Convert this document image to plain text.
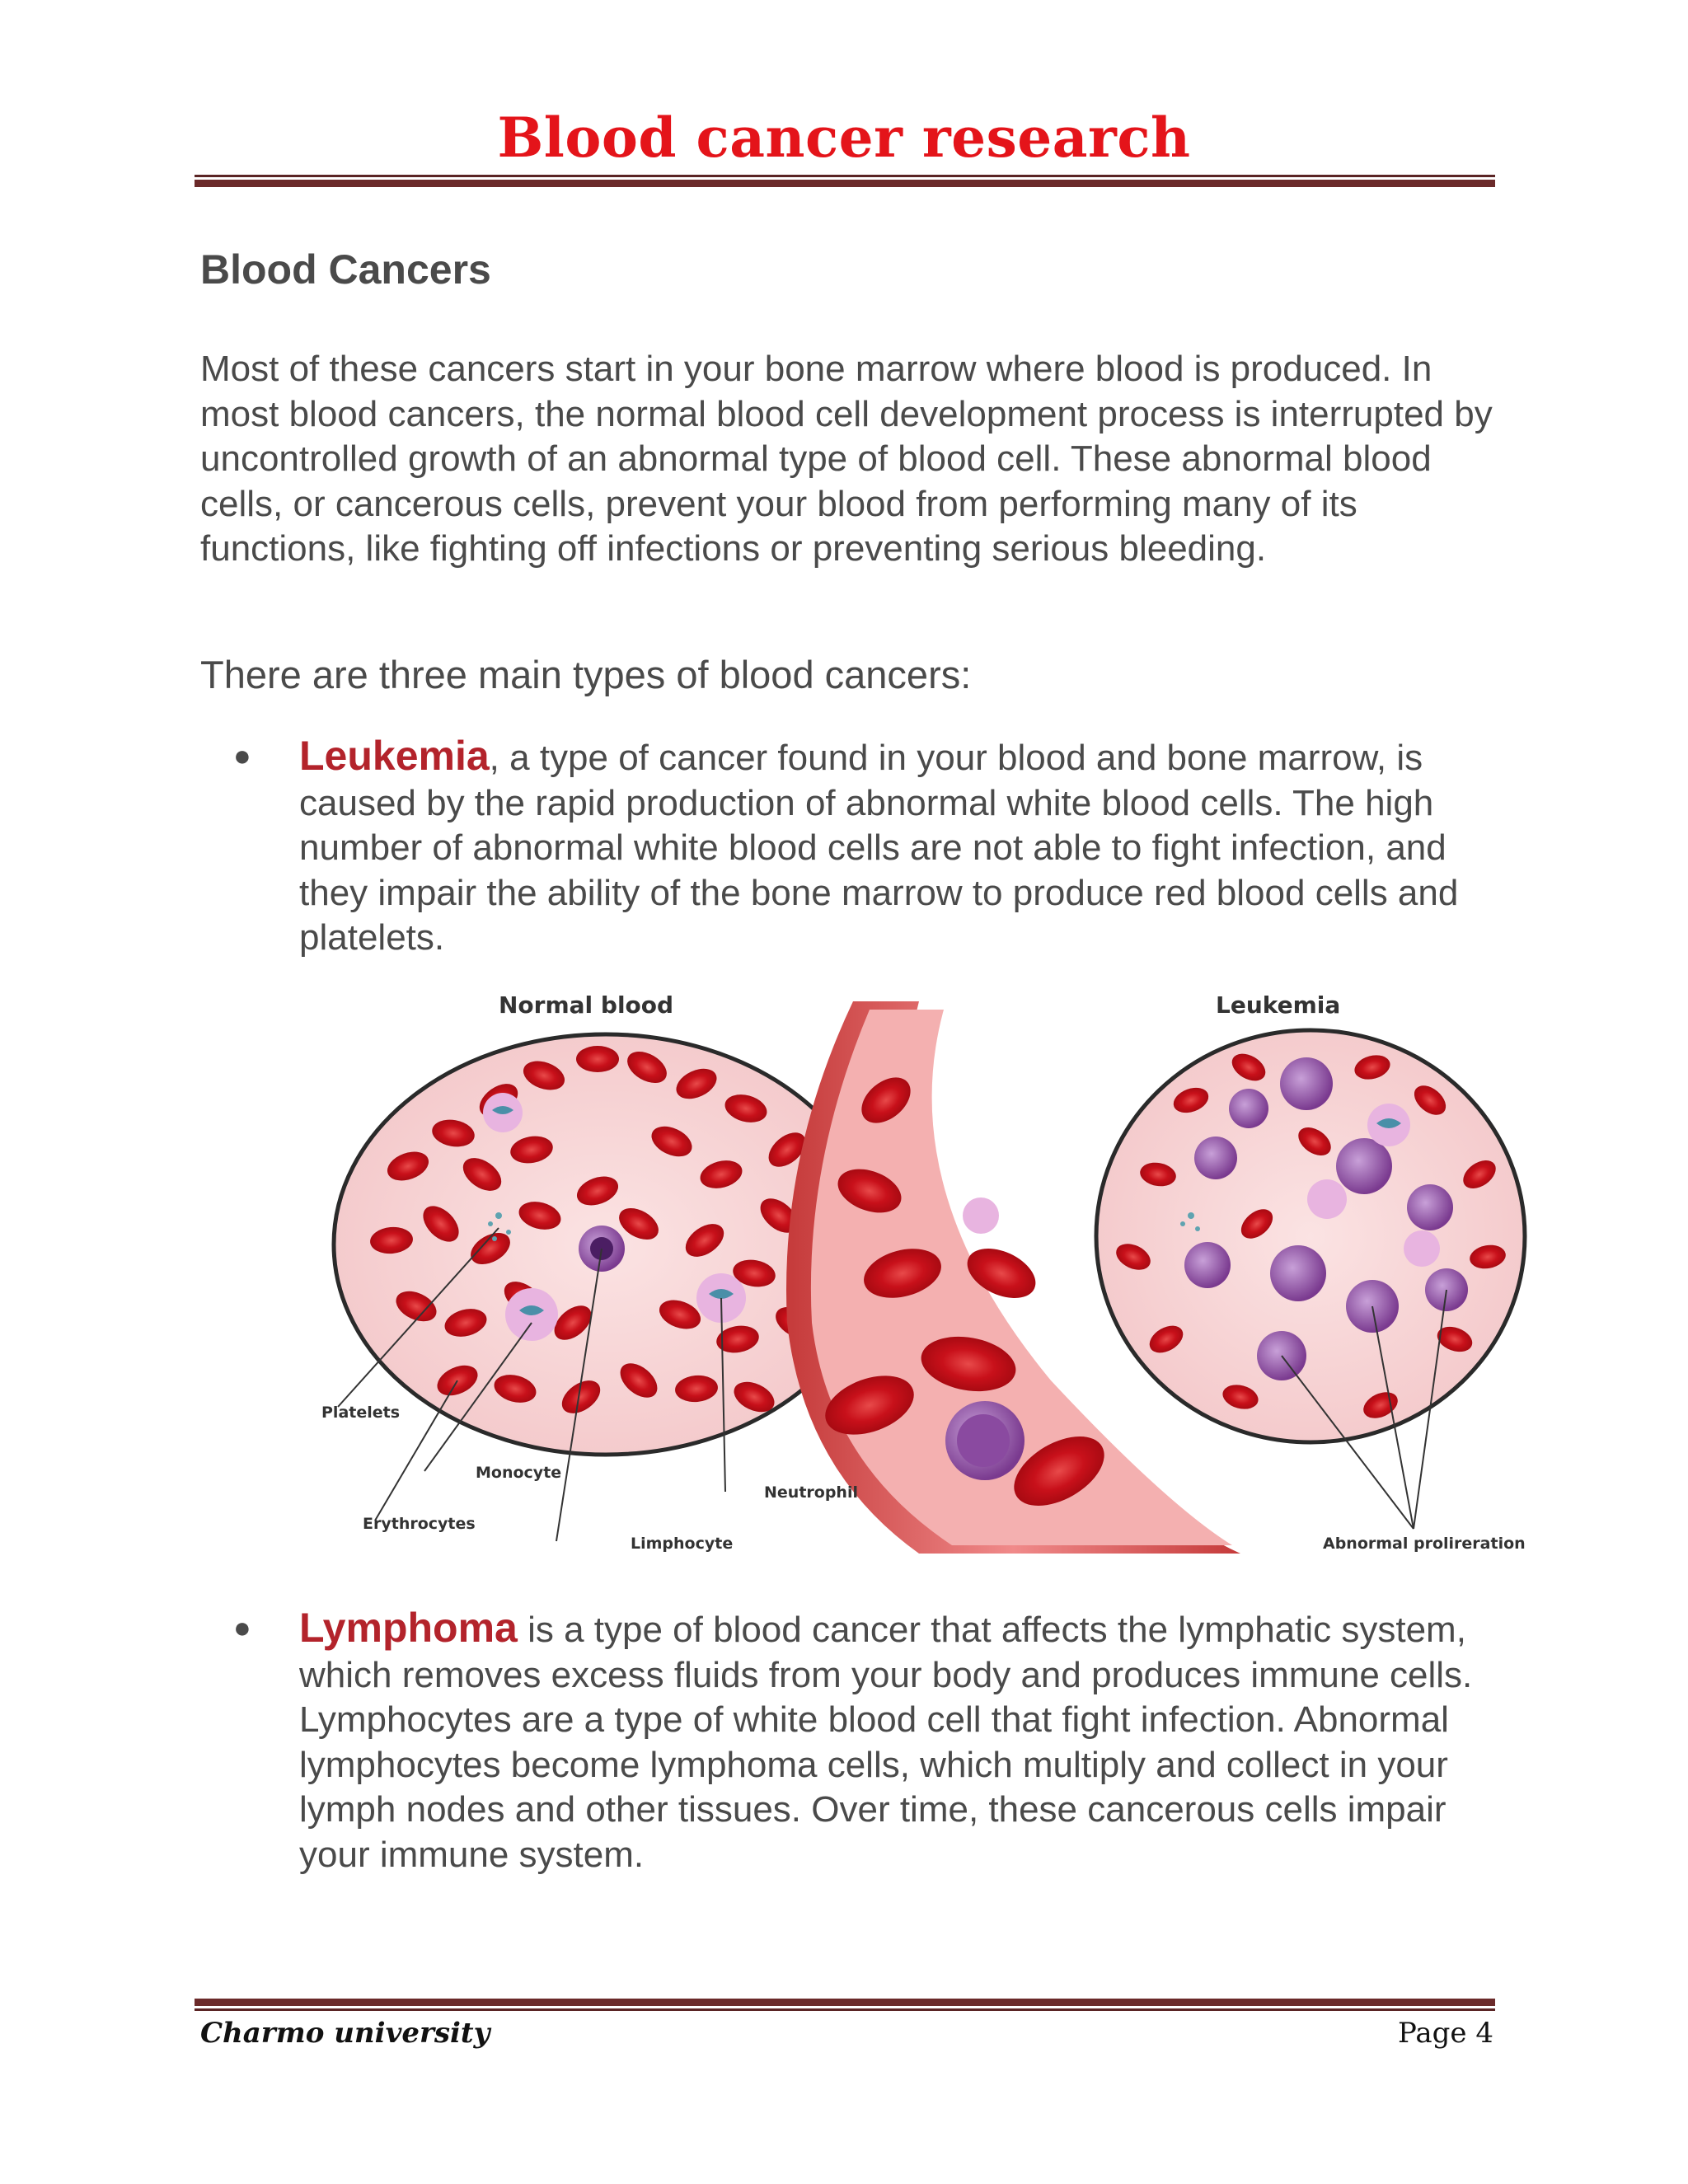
Blood cancer research
Blood Cancers

Most of these cancers start in your bone marrow where blood is produced. In most blood cancers, the normal blood cell development process is interrupted by uncontrolled growth of an abnormal type of blood cell. These abnormal blood cells, or cancerous cells, prevent your blood from performing many of its functions, like fighting off infections or preventing serious bleeding.

There are three main types of blood cancers:

● Leukemia, a type of cancer found in your blood and bone marrow, is caused by the rapid production of abnormal white blood cells. The high number of abnormal white blood cells are not able to fight infection, and they impair the ability of the bone marrow to produce red blood cells and platelets.
Normal blood	Leukemia
Platelets
Monocyte
Erythrocytes
Limphocyte
Neutrophil
Abnormal prolireration
● Lymphoma is a type of blood cancer that affects the lymphatic system, which removes excess fluids from your body and produces immune cells. Lymphocytes are a type of white blood cell that fight infection. Abnormal lymphocytes become lymphoma cells, which multiply and collect in your lymph nodes and other tissues. Over time, these cancerous cells impair your immune system.
Charmo university	Page 4
